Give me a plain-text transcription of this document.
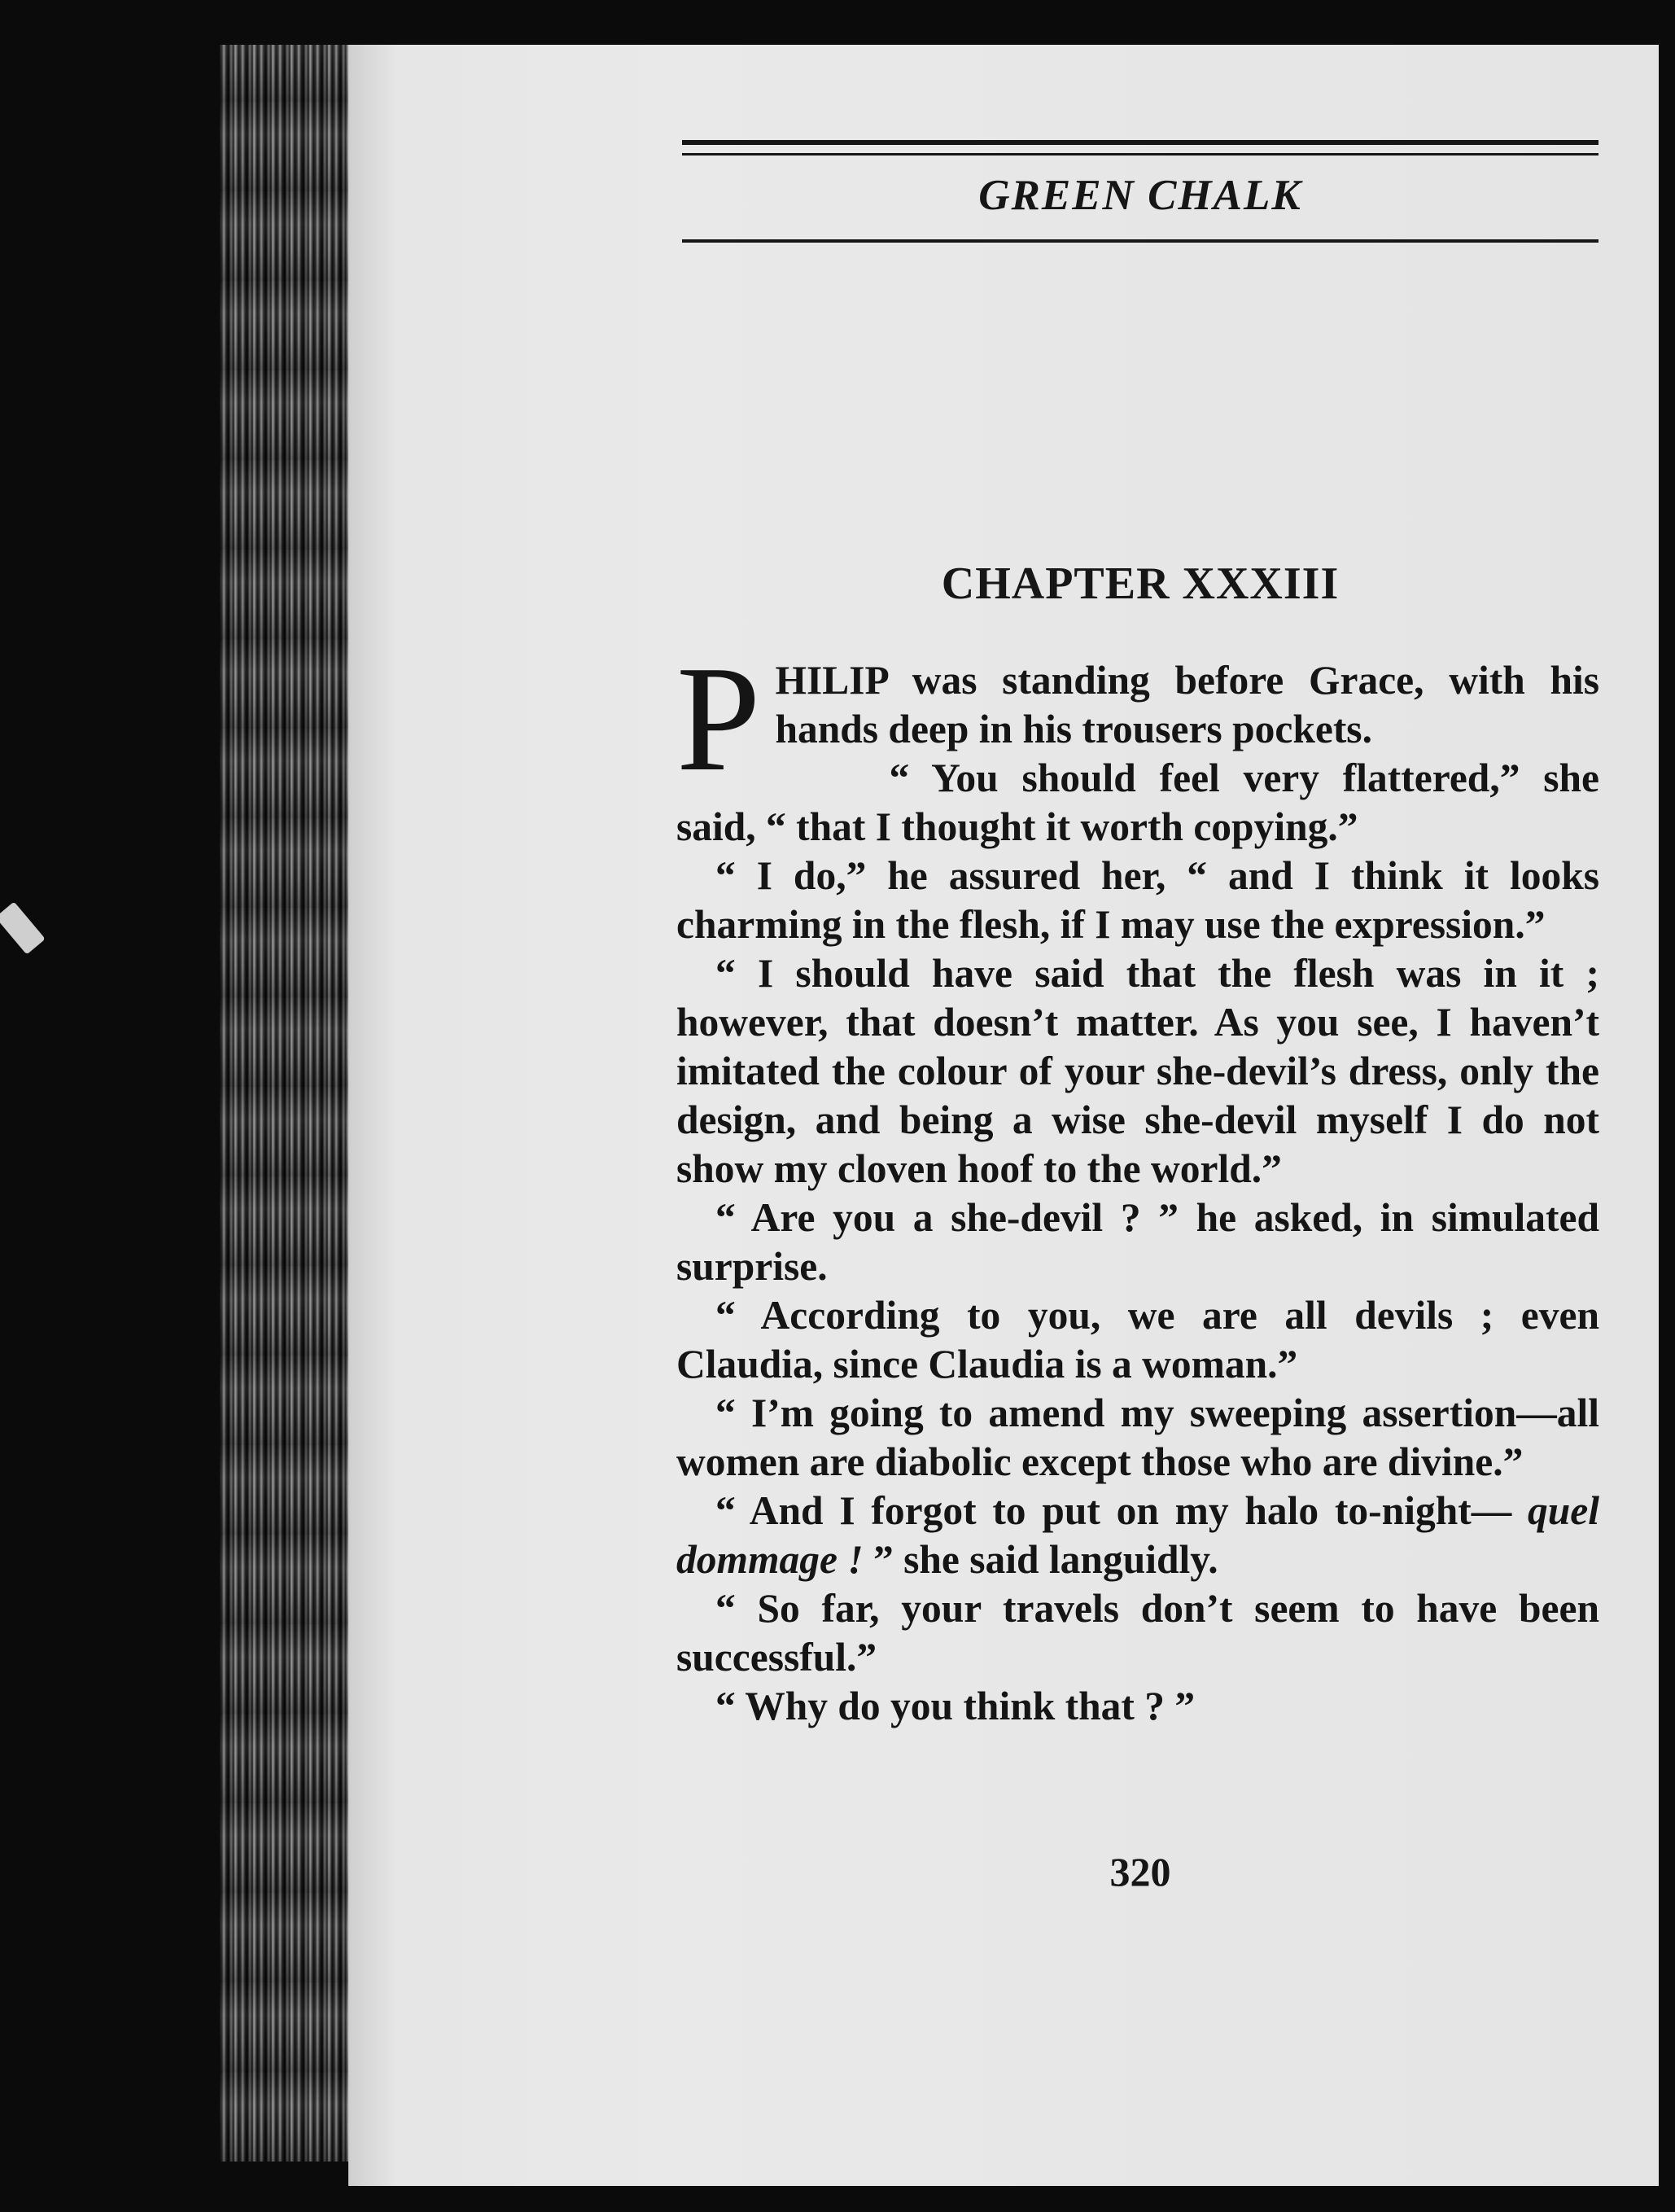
GREEN CHALK
CHAPTER XXXIII

PHILIP was standing before Grace, with his hands deep in his trousers pockets.
“ You should feel very flattered,” she said, “ that I thought it worth copying.”

“ I do,” he assured her, “ and I think it looks charming in the flesh, if I may use the expression.”

“ I should have said that the flesh was in it ; however, that doesn’t matter. As you see, I haven’t imitated the colour of your she-devil’s dress, only the design, and being a wise she-devil myself I do not show my cloven hoof to the world.”

“ Are you a she-devil ? ” he asked, in simulated surprise.

“ According to you, we are all devils ; even Claudia, since Claudia is a woman.”

“ I’m going to amend my sweeping assertion—all women are diabolic except those who are divine.”

“ And I forgot to put on my halo to-night— quel dommage ! ” she said languidly.

“ So far, your travels don’t seem to have been successful.”

“ Why do you think that ? ”

320
